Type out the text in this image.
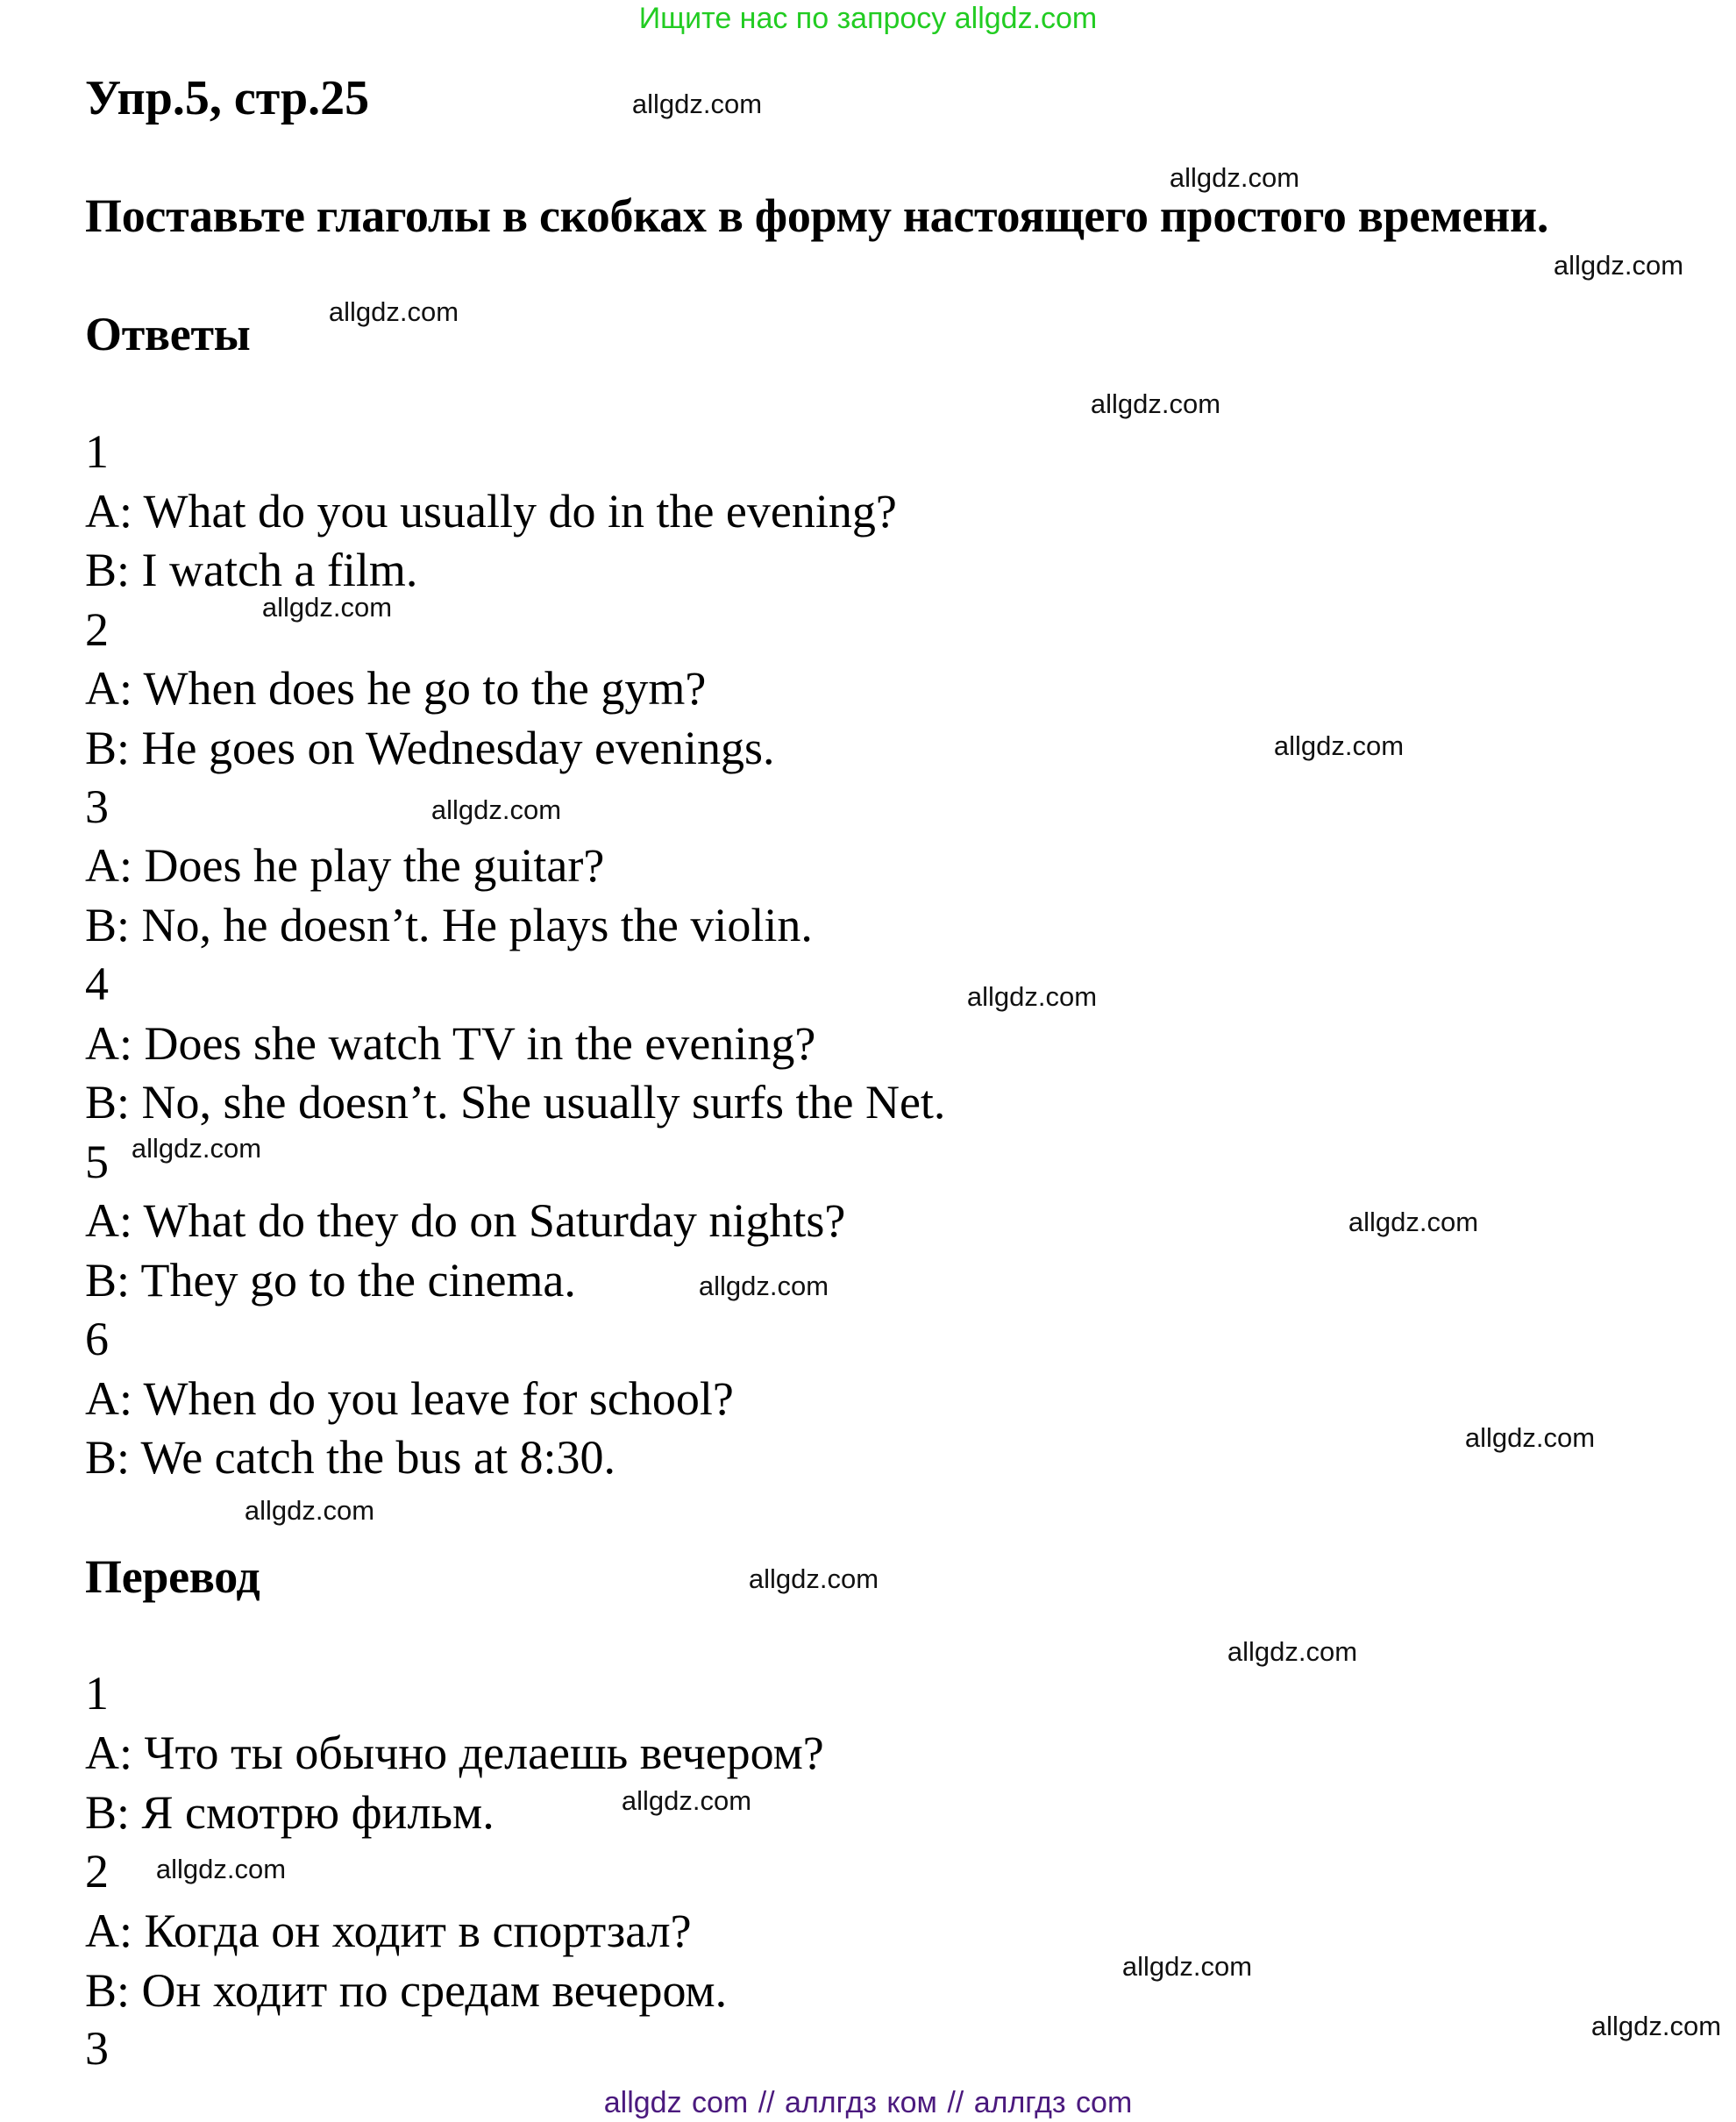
Ищите нас по запросу allgdz.com
Упр.5, стр.25
Поставьте глаголы в скобках в форму настоящего простого времени.
Ответы
1
A: What do you usually do in the evening?
B: I watch a film.
2
A: When does he go to the gym?
B: He goes on Wednesday evenings.
3
A: Does he play the guitar?
B: No, he doesn’t. He plays the violin.
4
A: Does she watch TV in the evening?
B: No, she doesn’t. She usually surfs the Net.
5
A: What do they do on Saturday nights?
B: They go to the cinema.
6
A: When do you leave for school?
B: We catch the bus at 8:30.
Перевод
1
A: Что ты обычно делаешь вечером?
B: Я смотрю фильм.
2
A: Когда он ходит в спортзал?
B: Он ходит по средам вечером.
3
allgdz.com
allgdz.com
allgdz.com
allgdz.com
allgdz.com
allgdz.com
allgdz.com
allgdz.com
allgdz.com
allgdz.com
allgdz.com
allgdz.com
allgdz.com
allgdz.com
allgdz.com
allgdz.com
allgdz.com
allgdz.com
allgdz.com
allgdz.com
allgdz com // аллгдз ком // аллгдз com
